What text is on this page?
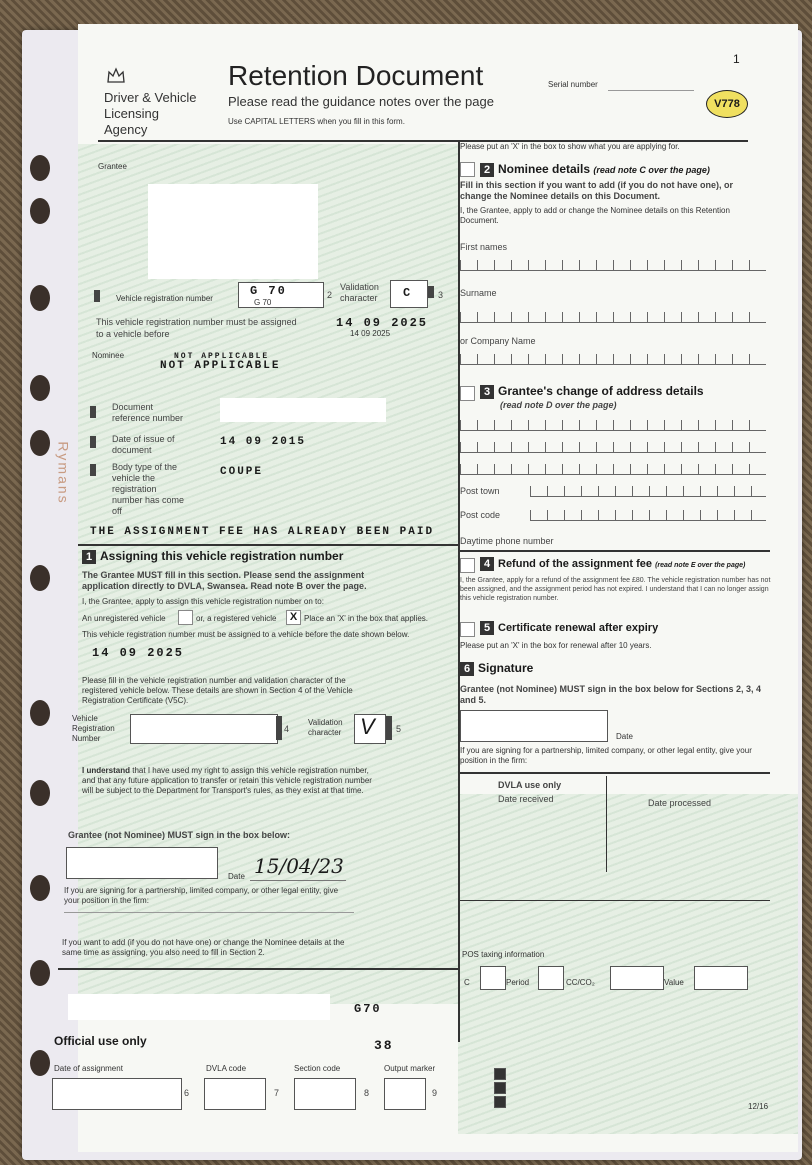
Rymans
Driver & Vehicle
Licensing
Agency
Retention Document
Please read the guidance notes over the page
Use CAPITAL LETTERS when you fill in this form.
Serial number
V778
1
Grantee
Vehicle registration number
G 70
G 70
2
Validation character C	3
This vehicle registration number must be assigned to a vehicle before
14 09 2025
14 09 2025
Nominee	NOT APPLICABLE
NOT APPLICABLE
Document reference number
Date of issue of document
14 09 2015
Body type of the vehicle the registration number has come off
COUPE
THE ASSIGNMENT FEE HAS ALREADY BEEN PAID
1 Assigning this vehicle registration number
The Grantee MUST fill in this section. Please send the assignment application directly to DVLA, Swansea. Read note B over the page.
I, the Grantee, apply to assign this vehicle registration number on to:
An unregistered vehicle	or, a registered vehicle	X Place an 'X' in the box that applies.
This vehicle registration number must be assigned to a vehicle before the date shown below.
14 09 2025
Please fill in the vehicle registration number and validation character of the registered vehicle below. These details are shown in Section 4 of the Vehicle Registration Certificate (V5C).
Vehicle Registration Number
4
Validation character V 5
I understand that I have used my right to assign this vehicle registration number, and that any future application to transfer or retain this vehicle registration number will be subject to the Department for Transport's rules, as they exist at that time.
Grantee (not Nominee) MUST sign in the box below:
Date 15/04/23
If you are signing for a partnership, limited company, or other legal entity, give your position in the firm:
If you want to add (if you do not have one) or change the Nominee details at the same time as assigning, you also need to fill in Section 2.
G70
38
Official use only
Date of assignment
6
DVLA code
7
Section code
8
Output marker
9
12/16
Please put an 'X' in the box to show what you are applying for.
2 Nominee details (read note C over the page)
Fill in this section if you want to add (if you do not have one), or change the Nominee details on this Document.
I, the Grantee, apply to add or change the Nominee details on this Retention Document.
First names
Surname
or Company Name
3 Grantee's change of address details
(read note D over the page)
Post town
Post code
Daytime phone number
4 Refund of the assignment fee (read note E over the page)
I, the Grantee, apply for a refund of the assignment fee £80. The vehicle registration number has not been assigned, and the assignment period has not expired. I understand that I can no longer assign this vehicle registration number.
5 Certificate renewal after expiry
Please put an 'X' in the box for renewal after 10 years.
6 Signature
Grantee (not Nominee) MUST sign in the box below for Sections 2, 3, 4 and 5.
Date
If you are signing for a partnership, limited company, or other legal entity, give your position in the firm:
DVLA use only
Date received	Date processed
POS taxing information
C	Period	CC/CO₂	Value
